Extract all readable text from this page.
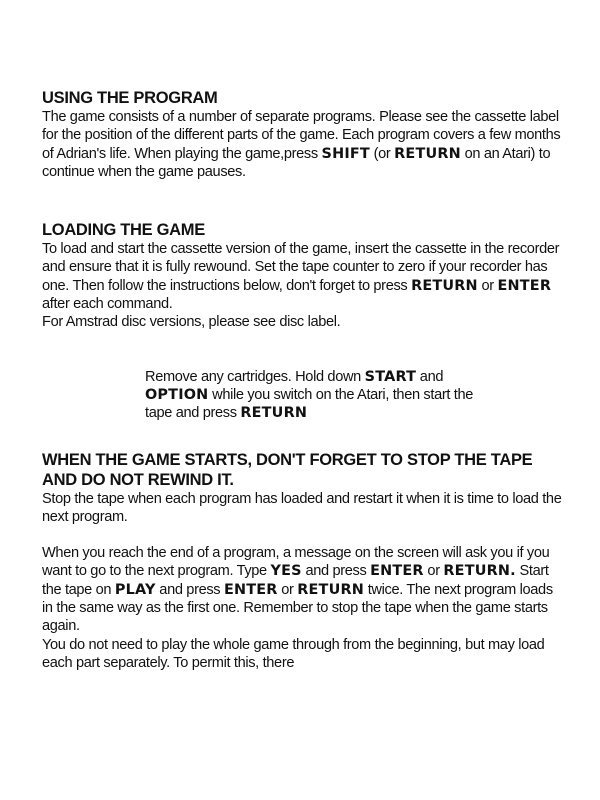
USING THE PROGRAM

The game consists of a number of separate programs. Please see the cassette label for the position of the different parts of the game. Each program covers a few months of Adrian's life. When playing the game,press SHIFT (or RETURN on an Atari) to continue when the game pauses.

LOADING THE GAME

To load and start the cassette version of the game, insert the cassette in the recorder and ensure that it is fully rewound. Set the tape counter to zero if your recorder has one. Then follow the instructions below, don't forget to press RETURN or ENTER after each command.

For Amstrad disc versions, please see disc label.

Remove any cartridges. Hold down START and OPTION while you switch on the Atari, then start the tape and press RETURN

WHEN THE GAME STARTS, DON'T FORGET TO STOP THE TAPE AND DO NOT REWIND IT.

Stop the tape when each program has loaded and restart it when it is time to load the next program.

When you reach the end of a program, a message on the screen will ask you if you want to go to the next program. Type YES and press ENTER or RETURN. Start the tape on PLAY and press ENTER or RETURN twice. The next program loads in the same way as the first one. Remember to stop the tape when the game starts again.

You do not need to play the whole game through from the beginning, but may load each part separately. To permit this, there
